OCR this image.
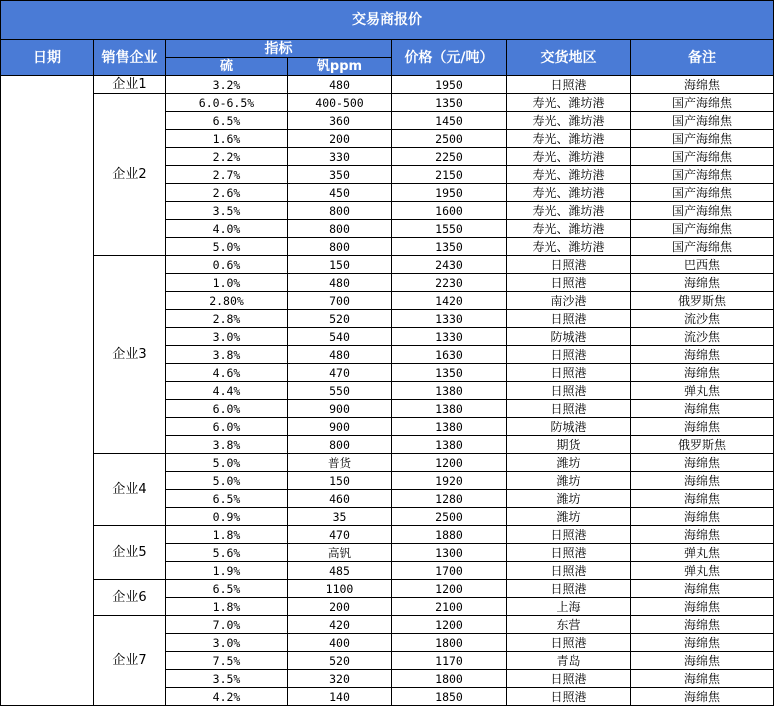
交易商报价						
日期	销售企业	指标		价格（元/吨）	交货地区	备注
		硫	钒ppm			
	企业1	3.2%	480	1950	日照港	海绵焦
	企业2	6.0-6.5%	400-500	1350	寿光、潍坊港	国产海绵焦
		6.5%	360	1450	寿光、潍坊港	国产海绵焦
		1.6%	200	2500	寿光、潍坊港	国产海绵焦
		2.2%	330	2250	寿光、潍坊港	国产海绵焦
		2.7%	350	2150	寿光、潍坊港	国产海绵焦
		2.6%	450	1950	寿光、潍坊港	国产海绵焦
		3.5%	800	1600	寿光、潍坊港	国产海绵焦
		4.0%	800	1550	寿光、潍坊港	国产海绵焦
		5.0%	800	1350	寿光、潍坊港	国产海绵焦
	企业3	0.6%	150	2430	日照港	巴西焦
		1.0%	480	2230	日照港	海绵焦
		2.80%	700	1420	南沙港	俄罗斯焦
		2.8%	520	1330	日照港	流沙焦
		3.0%	540	1330	防城港	流沙焦
		3.8%	480	1630	日照港	海绵焦
		4.6%	470	1350	日照港	海绵焦
		4.4%	550	1380	日照港	弹丸焦
		6.0%	900	1380	日照港	海绵焦
		6.0%	900	1380	防城港	海绵焦
		3.8%	800	1380	期货	俄罗斯焦
	企业4	5.0%	普货	1200	潍坊	海绵焦
		5.0%	150	1920	潍坊	海绵焦
		6.5%	460	1280	潍坊	海绵焦
		0.9%	35	2500	潍坊	海绵焦
	企业5	1.8%	470	1880	日照港	海绵焦
		5.6%	高钒	1300	日照港	弹丸焦
		1.9%	485	1700	日照港	弹丸焦
	企业6	6.5%	1100	1200	日照港	海绵焦
		1.8%	200	2100	上海	海绵焦
	企业7	7.0%	420	1200	东营	海绵焦
		3.0%	400	1800	日照港	海绵焦
		7.5%	520	1170	青岛	海绵焦
		3.5%	320	1800	日照港	海绵焦
		4.2%	140	1850	日照港	海绵焦
